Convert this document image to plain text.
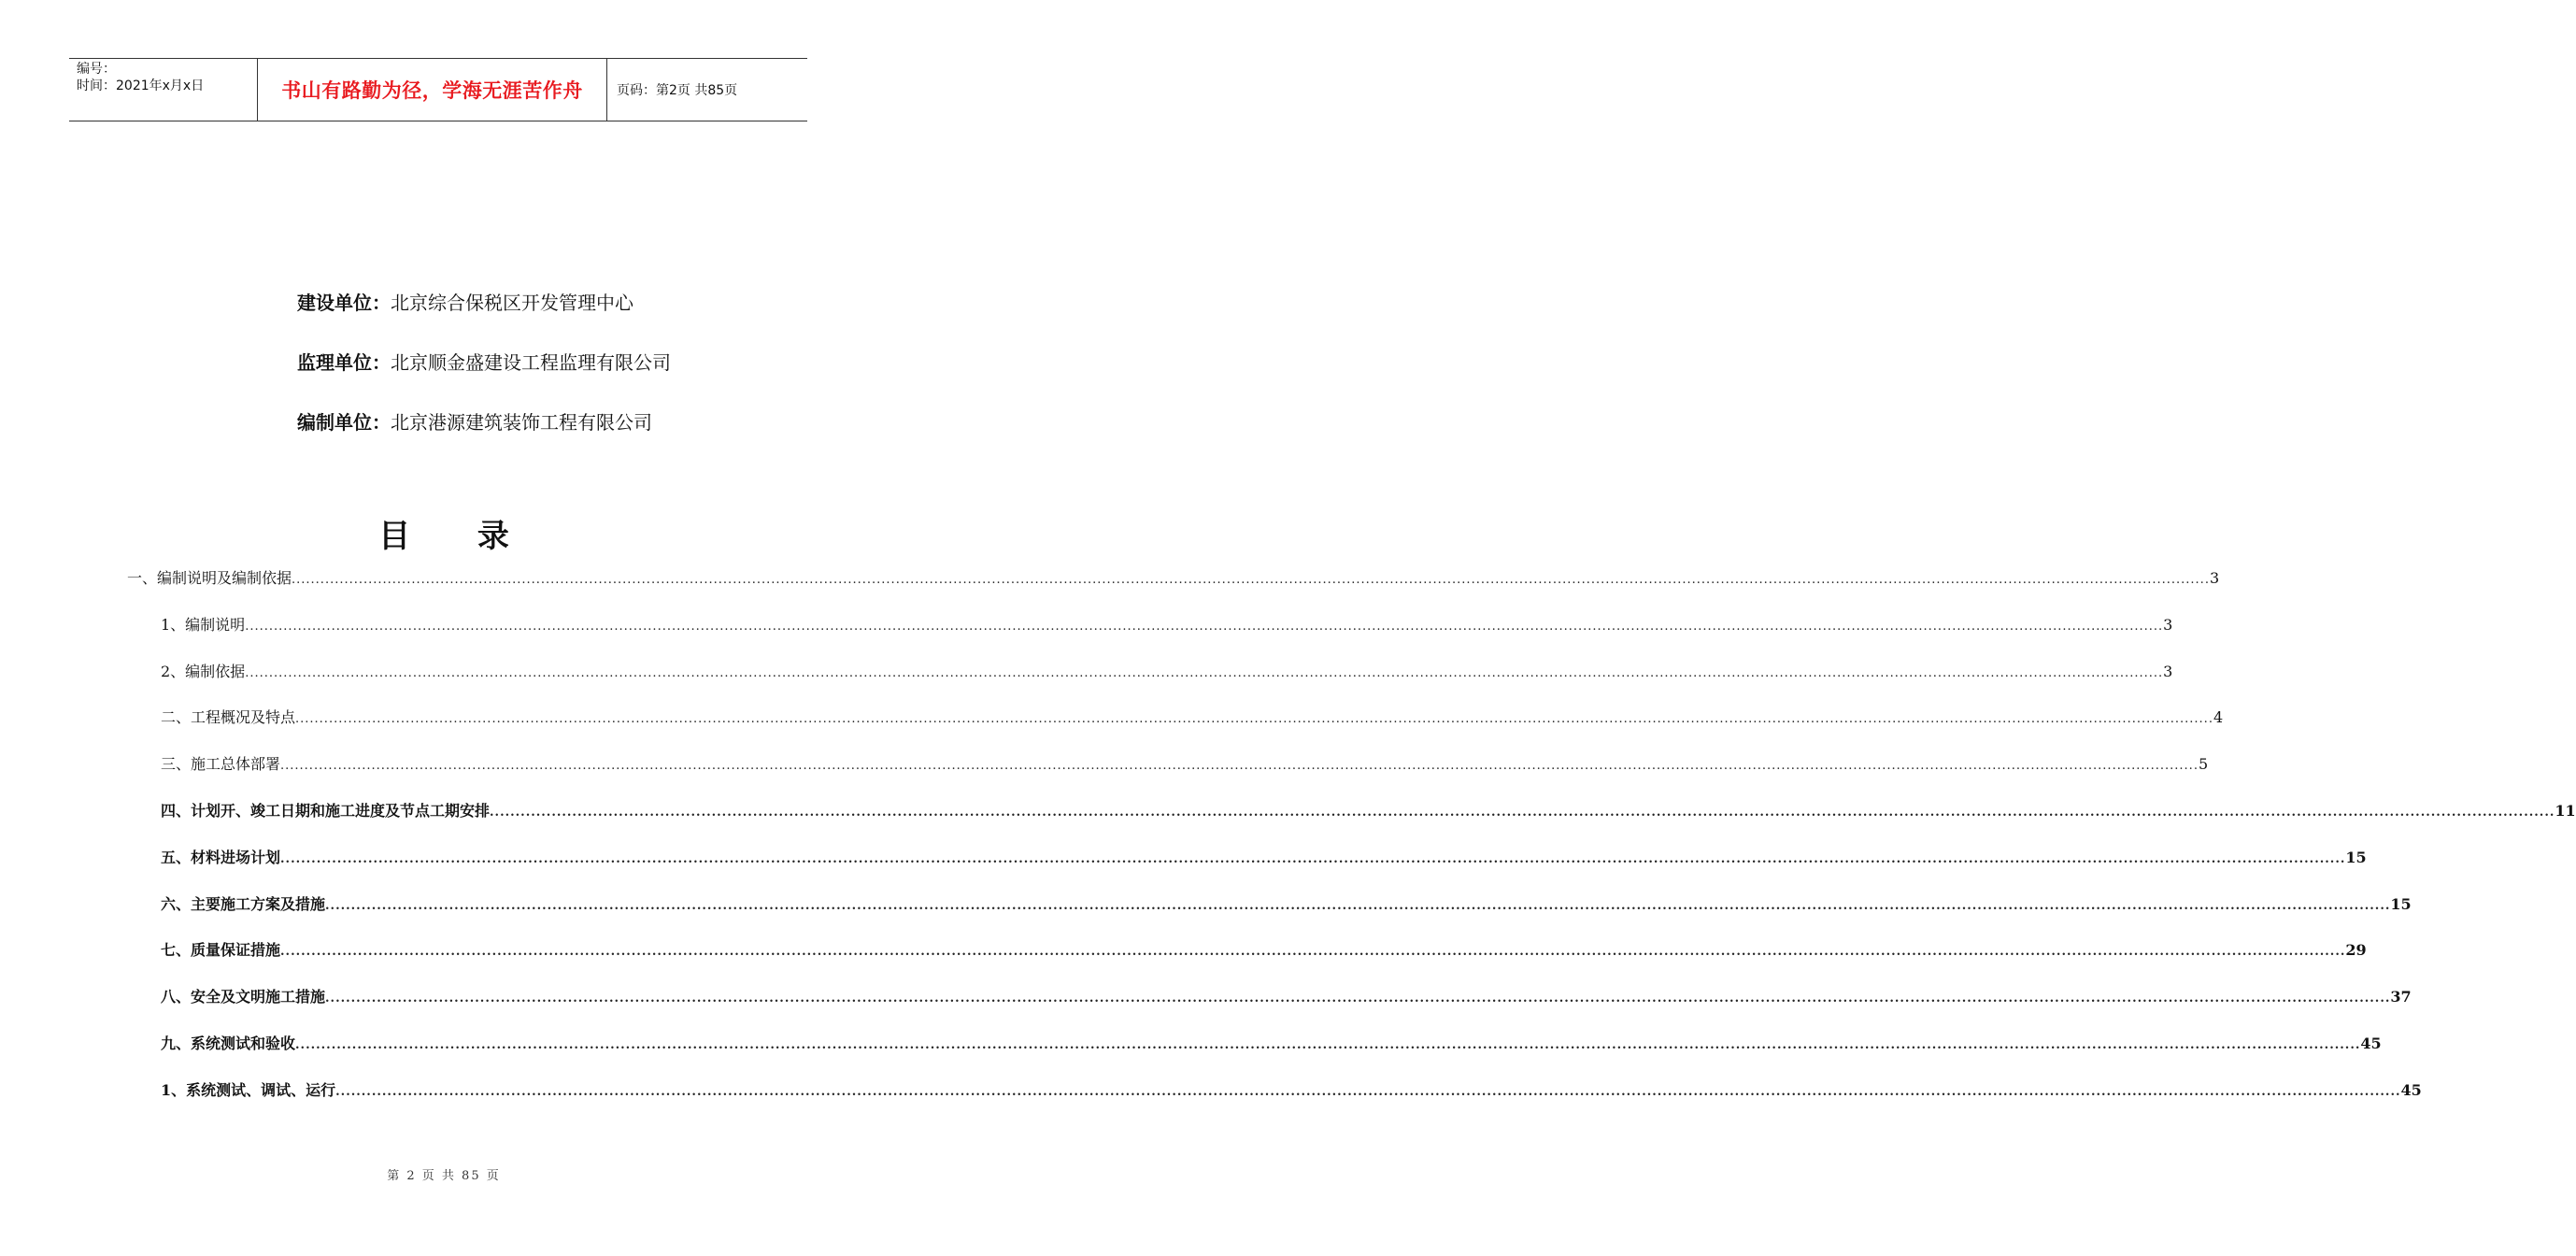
编号：
时间：2021年x月x日	书山有路勤为径，学海无涯苦作舟	页码：第2页 共85页
建设单位 ： 北京综合保税区开发管理中心
监理单位 ： 北京顺金盛建设工程监理有限公司
编制单位 ： 北京港源建筑装饰工程有限公司
目 录
一、编制说明及编制依据 ................................................................................................................................................................................................................................................................................................................................................................................................................ 3
1、编制说明 ................................................................................................................................................................................................................................................................................................................................................................................................................ 3
2、编制依据 ................................................................................................................................................................................................................................................................................................................................................................................................................ 3
二、工程概况及特点 ................................................................................................................................................................................................................................................................................................................................................................................................................ 4
三、施工总体部署 ................................................................................................................................................................................................................................................................................................................................................................................................................ 5
四、计划开、竣工日期和施工进度及节点工期安排 ................................................................................................................................................................................................................................................................................................................................................................................................................ 11
五、材料进场计划 ................................................................................................................................................................................................................................................................................................................................................................................................................ 15
六、主要施工方案及措施 ................................................................................................................................................................................................................................................................................................................................................................................................................ 15
七、质量保证措施 ................................................................................................................................................................................................................................................................................................................................................................................................................ 29
八、安全及文明施工措施 ................................................................................................................................................................................................................................................................................................................................................................................................................ 37
九、系统测试和验收 ................................................................................................................................................................................................................................................................................................................................................................................................................ 45
1、系统测试、调试、运行 ................................................................................................................................................................................................................................................................................................................................................................................................................ 45
第 2 页 共 85 页
